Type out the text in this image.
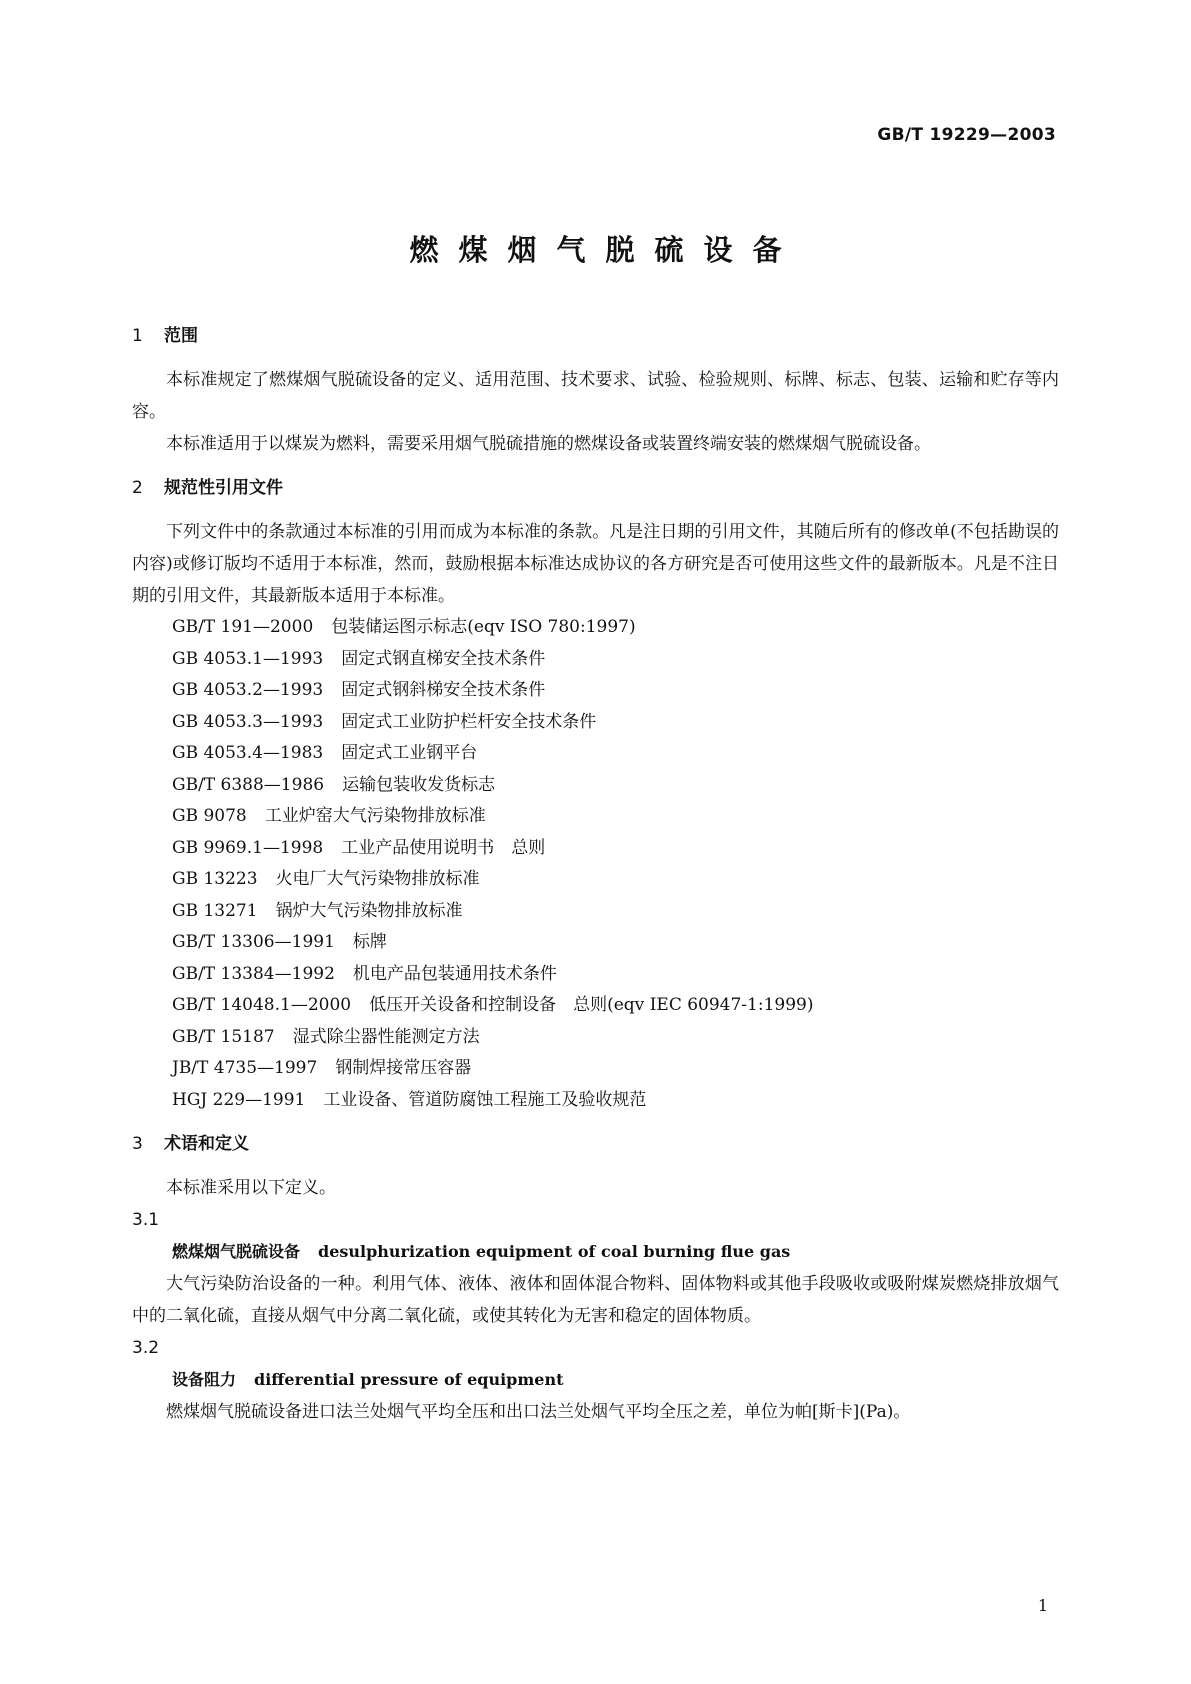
GB/T 19229—2003
燃煤烟气脱硫设备

1 范围

本标准规定了燃煤烟气脱硫设备的定义、适用范围、技术要求、试验、检验规则、标牌、标志、包装、运输和贮存等内容。

本标准适用于以煤炭为燃料，需要采用烟气脱硫措施的燃煤设备或装置终端安装的燃煤烟气脱硫设备。

2 规范性引用文件

下列文件中的条款通过本标准的引用而成为本标准的条款。凡是注日期的引用文件，其随后所有的修改单(不包括勘误的内容)或修订版均不适用于本标准，然而，鼓励根据本标准达成协议的各方研究是否可使用这些文件的最新版本。凡是不注日期的引用文件，其最新版本适用于本标准。

GB/T 191—2000 包装储运图示标志(eqv ISO 780:1997)

GB 4053.1—1993 固定式钢直梯安全技术条件

GB 4053.2—1993 固定式钢斜梯安全技术条件

GB 4053.3—1993 固定式工业防护栏杆安全技术条件

GB 4053.4—1983 固定式工业钢平台

GB/T 6388—1986 运输包装收发货标志

GB 9078 工业炉窑大气污染物排放标准

GB 9969.1—1998 工业产品使用说明书　总则

GB 13223 火电厂大气污染物排放标准

GB 13271 锅炉大气污染物排放标准

GB/T 13306—1991 标牌

GB/T 13384—1992 机电产品包装通用技术条件

GB/T 14048.1—2000 低压开关设备和控制设备　总则(eqv IEC 60947-1:1999)

GB/T 15187 湿式除尘器性能测定方法

JB/T 4735—1997 钢制焊接常压容器

HGJ 229—1991 工业设备、管道防腐蚀工程施工及验收规范

3 术语和定义

本标准采用以下定义。

3.1

燃煤烟气脱硫设备 desulphurization equipment of coal burning flue gas

大气污染防治设备的一种。利用气体、液体、液体和固体混合物料、固体物料或其他手段吸收或吸附煤炭燃烧排放烟气中的二氧化硫，直接从烟气中分离二氧化硫，或使其转化为无害和稳定的固体物质。

3.2

设备阻力 differential pressure of equipment

燃煤烟气脱硫设备进口法兰处烟气平均全压和出口法兰处烟气平均全压之差，单位为帕[斯卡](Pa)。

1
